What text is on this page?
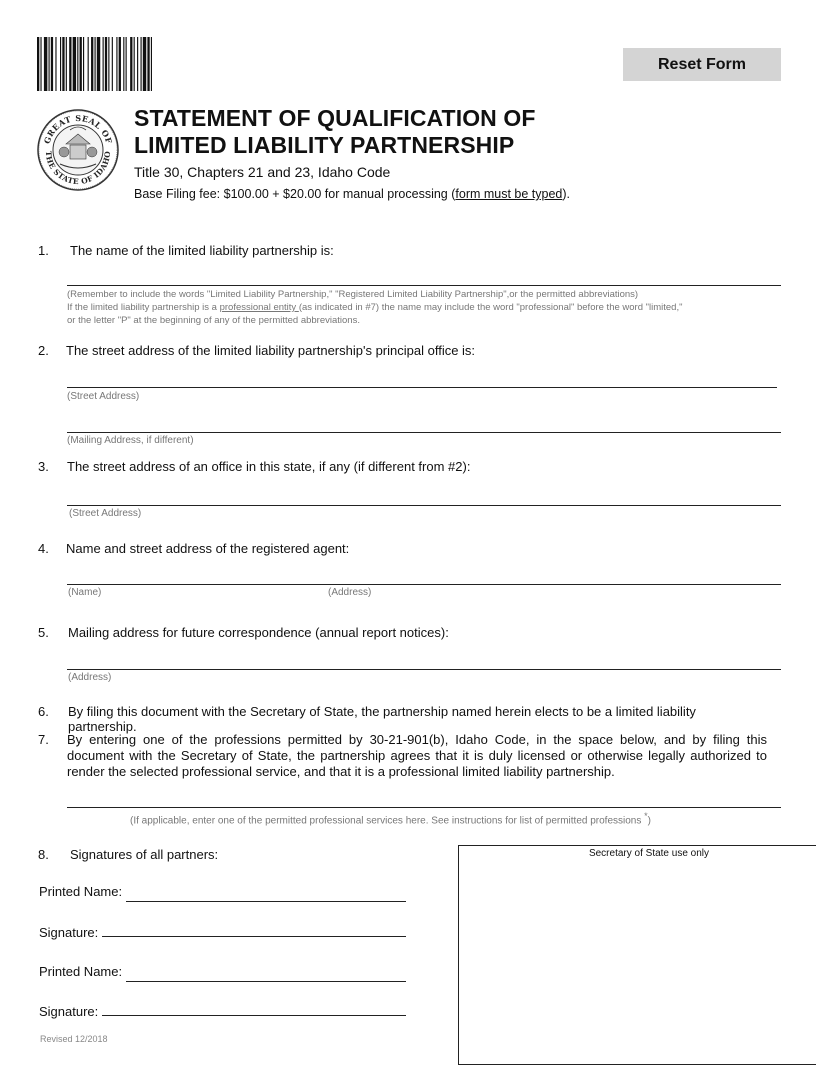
Reset Form
GREAT SEAL OF
THE STATE OF IDAHO
STATEMENT OF QUALIFICATION OF
LIMITED LIABILITY PARTNERSHIP
Title 30, Chapters 21 and 23, Idaho Code
Base Filing fee: $100.00 + $20.00 for manual processing (form must be typed).
1. The name of the limited liability partnership is:
(Remember to include the words "Limited Liability Partnership," "Registered Limited Liability Partnership",or the permitted abbreviations)
If the limited liability partnership is a professional entity (as indicated in #7) the name may include the word "professional" before the word "limited,"
or the letter "P" at the beginning of any of the permitted abbreviations.
2. The street address of the limited liability partnership's principal office is:
(Street Address)
(Mailing Address, if different)
3. The street address of an office in this state, if any (if different from #2):
(Street Address)
4. Name and street address of the registered agent:
(Name)	(Address)
5. Mailing address for future correspondence (annual report notices):
(Address)
6. By filing this document with the Secretary of State, the partnership named herein elects to be a limited liability partnership.
7. By entering one of the professions permitted by 30-21-901(b), Idaho Code, in the space below, and by filing this document with the Secretary of State, the partnership agrees that it is duly licensed or otherwise legally authorized to render the selected professional service, and that it is a professional limited liability partnership.
(If applicable, enter one of the permitted professional services here. See instructions for list of permitted professions *)
8. Signatures of all partners:
Printed Name:
Signature:
Printed Name:
Signature:
Secretary of State use only
Revised 12/2018
